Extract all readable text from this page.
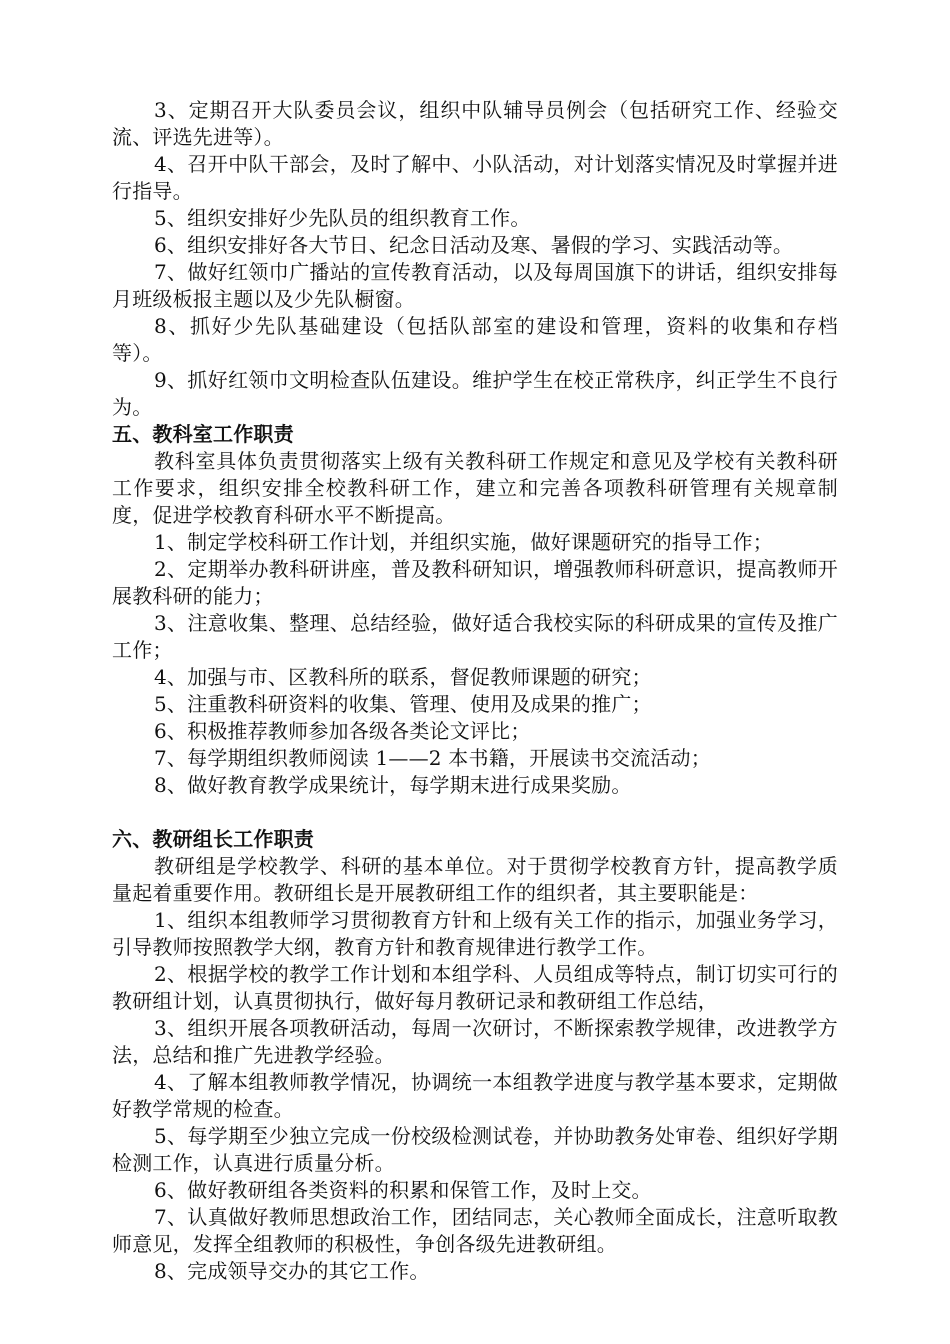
3、定期召开大队委员会议，组织中队辅导员例会（包括研究工作、经验交流、评选先进等）。

4、召开中队干部会，及时了解中、小队活动，对计划落实情况及时掌握并进行指导。

5、组织安排好少先队员的组织教育工作。

6、组织安排好各大节日、纪念日活动及寒、暑假的学习、实践活动等。

7、做好红领巾广播站的宣传教育活动，以及每周国旗下的讲话，组织安排每月班级板报主题以及少先队橱窗。

8、抓好少先队基础建设（包括队部室的建设和管理，资料的收集和存档等）。

9、抓好红领巾文明检查队伍建设。维护学生在校正常秩序，纠正学生不良行为。

五、教科室工作职责

教科室具体负责贯彻落实上级有关教科研工作规定和意见及学校有关教科研工作要求，组织安排全校教科研工作，建立和完善各项教科研管理有关规章制度，促进学校教育科研水平不断提高。

1、制定学校科研工作计划，并组织实施，做好课题研究的指导工作；

2、定期举办教科研讲座，普及教科研知识，增强教师科研意识，提高教师开展教科研的能力；

3、注意收集、整理、总结经验，做好适合我校实际的科研成果的宣传及推广工作；

4、加强与市、区教科所的联系，督促教师课题的研究；

5、注重教科研资料的收集、管理、使用及成果的推广；

6、积极推荐教师参加各级各类论文评比；

7、每学期组织教师阅读 1——2 本书籍，开展读书交流活动；

8、做好教育教学成果统计，每学期末进行成果奖励。

六、教研组长工作职责

教研组是学校教学、科研的基本单位。对于贯彻学校教育方针，提高教学质量起着重要作用。教研组长是开展教研组工作的组织者，其主要职能是：

1、组织本组教师学习贯彻教育方针和上级有关工作的指示，加强业务学习，引导教师按照教学大纲，教育方针和教育规律进行教学工作。

2、根据学校的教学工作计划和本组学科、人员组成等特点，制订切实可行的教研组计划，认真贯彻执行，做好每月教研记录和教研组工作总结，

3、组织开展各项教研活动，每周一次研讨，不断探索教学规律，改进教学方法，总结和推广先进教学经验。

4、了解本组教师教学情况，协调统一本组教学进度与教学基本要求，定期做好教学常规的检查。

5、每学期至少独立完成一份校级检测试卷，并协助教务处审卷、组织好学期检测工作，认真进行质量分析。

6、做好教研组各类资料的积累和保管工作，及时上交。

7、认真做好教师思想政治工作，团结同志，关心教师全面成长，注意听取教师意见，发挥全组教师的积极性，争创各级先进教研组。

8、完成领导交办的其它工作。
